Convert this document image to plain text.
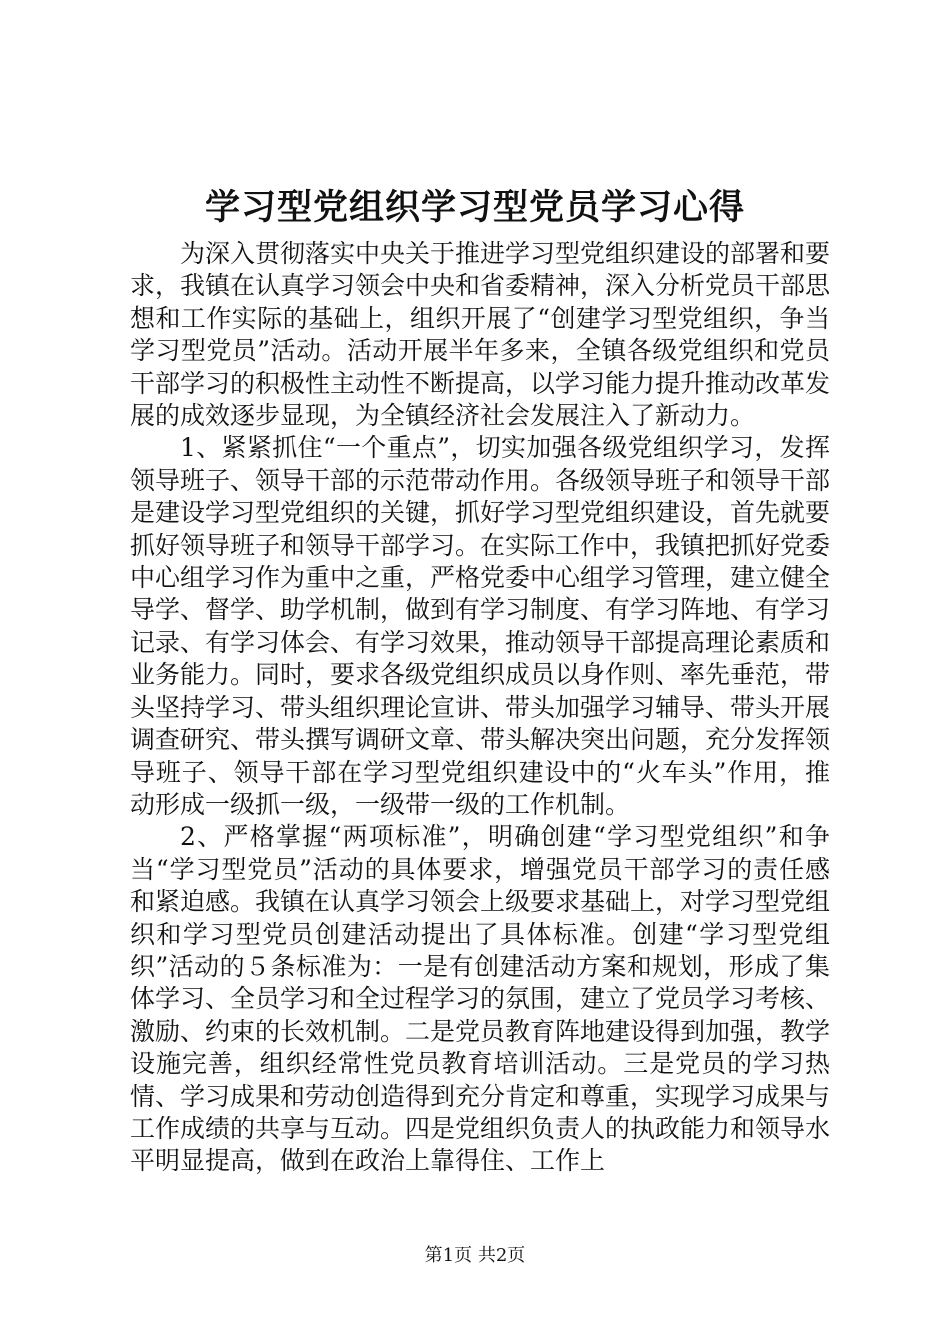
学习型党组织学习型党员学习心得

为深入贯彻落实中央关于推进学习型党组织建设的部署和要求，我镇在认真学习领会中央和省委精神，深入分析党员干部思想和工作实际的基础上，组织开展了“创建学习型党组织，争当学习型党员”活动。活动开展半年多来，全镇各级党组织和党员干部学习的积极性主动性不断提高，以学习能力提升推动改革发展的成效逐步显现，为全镇经济社会发展注入了新动力。

1、紧紧抓住“一个重点”，切实加强各级党组织学习，发挥领导班子、领导干部的示范带动作用。各级领导班子和领导干部是建设学习型党组织的关键，抓好学习型党组织建设，首先就要抓好领导班子和领导干部学习。在实际工作中，我镇把抓好党委中心组学习作为重中之重，严格党委中心组学习管理，建立健全导学、督学、助学机制，做到有学习制度、有学习阵地、有学习记录、有学习体会、有学习效果，推动领导干部提高理论素质和业务能力。同时，要求各级党组织成员以身作则、率先垂范，带头坚持学习、带头组织理论宣讲、带头加强学习辅导、带头开展调查研究、带头撰写调研文章、带头解决突出问题，充分发挥领导班子、领导干部在学习型党组织建设中的“火车头”作用，推动形成一级抓一级，一级带一级的工作机制。

2、严格掌握“两项标准”，明确创建“学习型党组织”和争当“学习型党员”活动的具体要求，增强党员干部学习的责任感和紧迫感。我镇在认真学习领会上级要求基础上，对学习型党组织和学习型党员创建活动提出了具体标准。创建“学习型党组织”活动的５条标准为：一是有创建活动方案和规划，形成了集体学习、全员学习和全过程学习的氛围，建立了党员学习考核、激励、约束的长效机制。二是党员教育阵地建设得到加强，教学设施完善，组织经常性党员教育培训活动。三是党员的学习热情、学习成果和劳动创造得到充分肯定和尊重，实现学习成果与工作成绩的共享与互动。四是党组织负责人的执政能力和领导水平明显提高，做到在政治上靠得住、工作上

第1页 共2页
